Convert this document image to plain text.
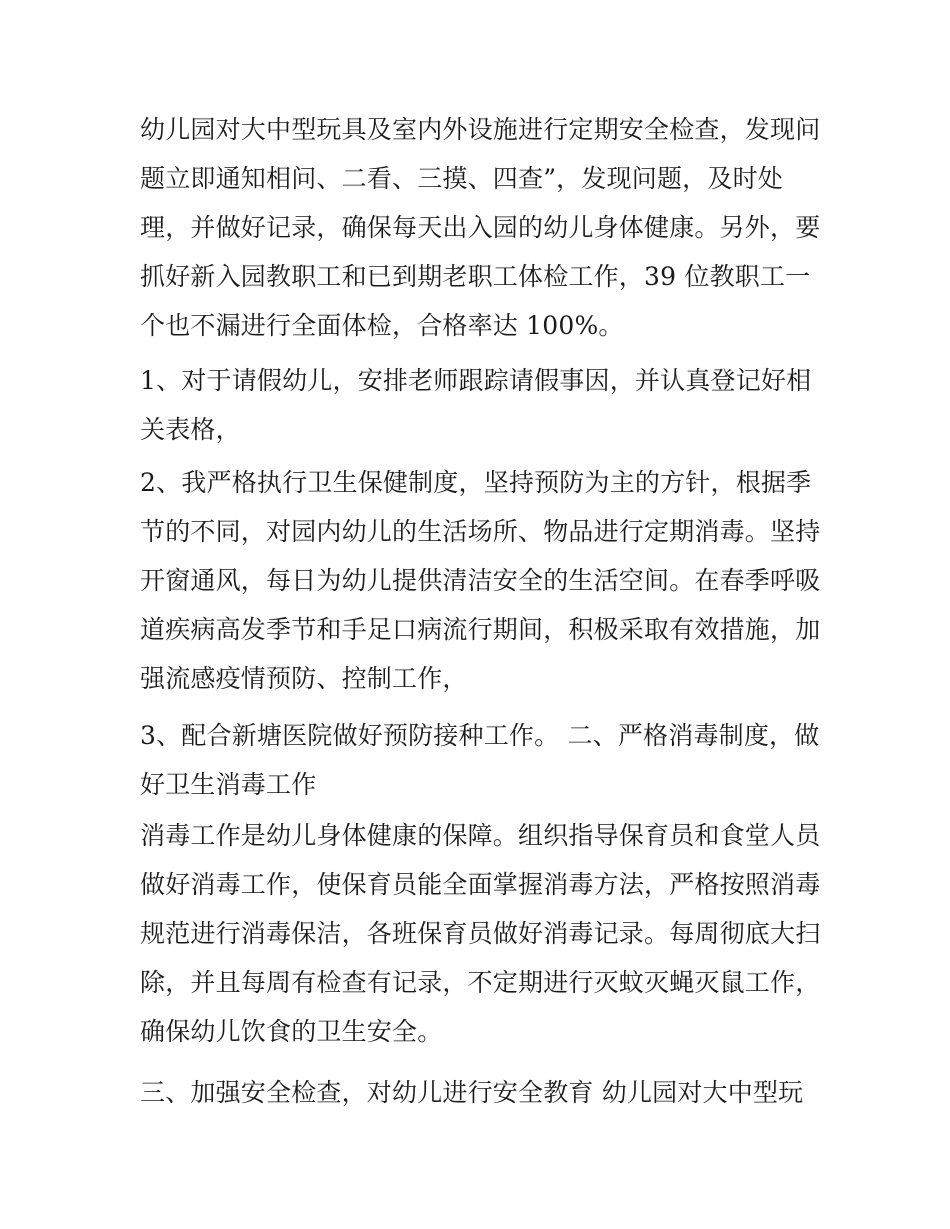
幼儿园对大中型玩具及室内外设施进行定期安全检查，发现问
题立即通知相问、二看、三摸、四查”，发现问题，及时处
理，并做好记录，确保每天出入园的幼儿身体健康。另外，要
抓好新入园教职工和已到期老职工体检工作，39 位教职工一
个也不漏进行全面体检，合格率达 100%。
1、对于请假幼儿，安排老师跟踪请假事因，并认真登记好相
关表格，
2、我严格执行卫生保健制度，坚持预防为主的方针，根据季
节的不同，对园内幼儿的生活场所、物品进行定期消毒。坚持
开窗通风，每日为幼儿提供清洁安全的生活空间。在春季呼吸
道疾病高发季节和手足口病流行期间，积极采取有效措施，加
强流感疫情预防、控制工作，
3、配合新塘医院做好预防接种工作。 二、严格消毒制度，做
好卫生消毒工作
消毒工作是幼儿身体健康的保障。组织指导保育员和食堂人员
做好消毒工作，使保育员能全面掌握消毒方法，严格按照消毒
规范进行消毒保洁，各班保育员做好消毒记录。每周彻底大扫
除，并且每周有检查有记录，不定期进行灭蚊灭蝇灭鼠工作，
确保幼儿饮食的卫生安全。
三、加强安全检查，对幼儿进行安全教育 幼儿园对大中型玩
